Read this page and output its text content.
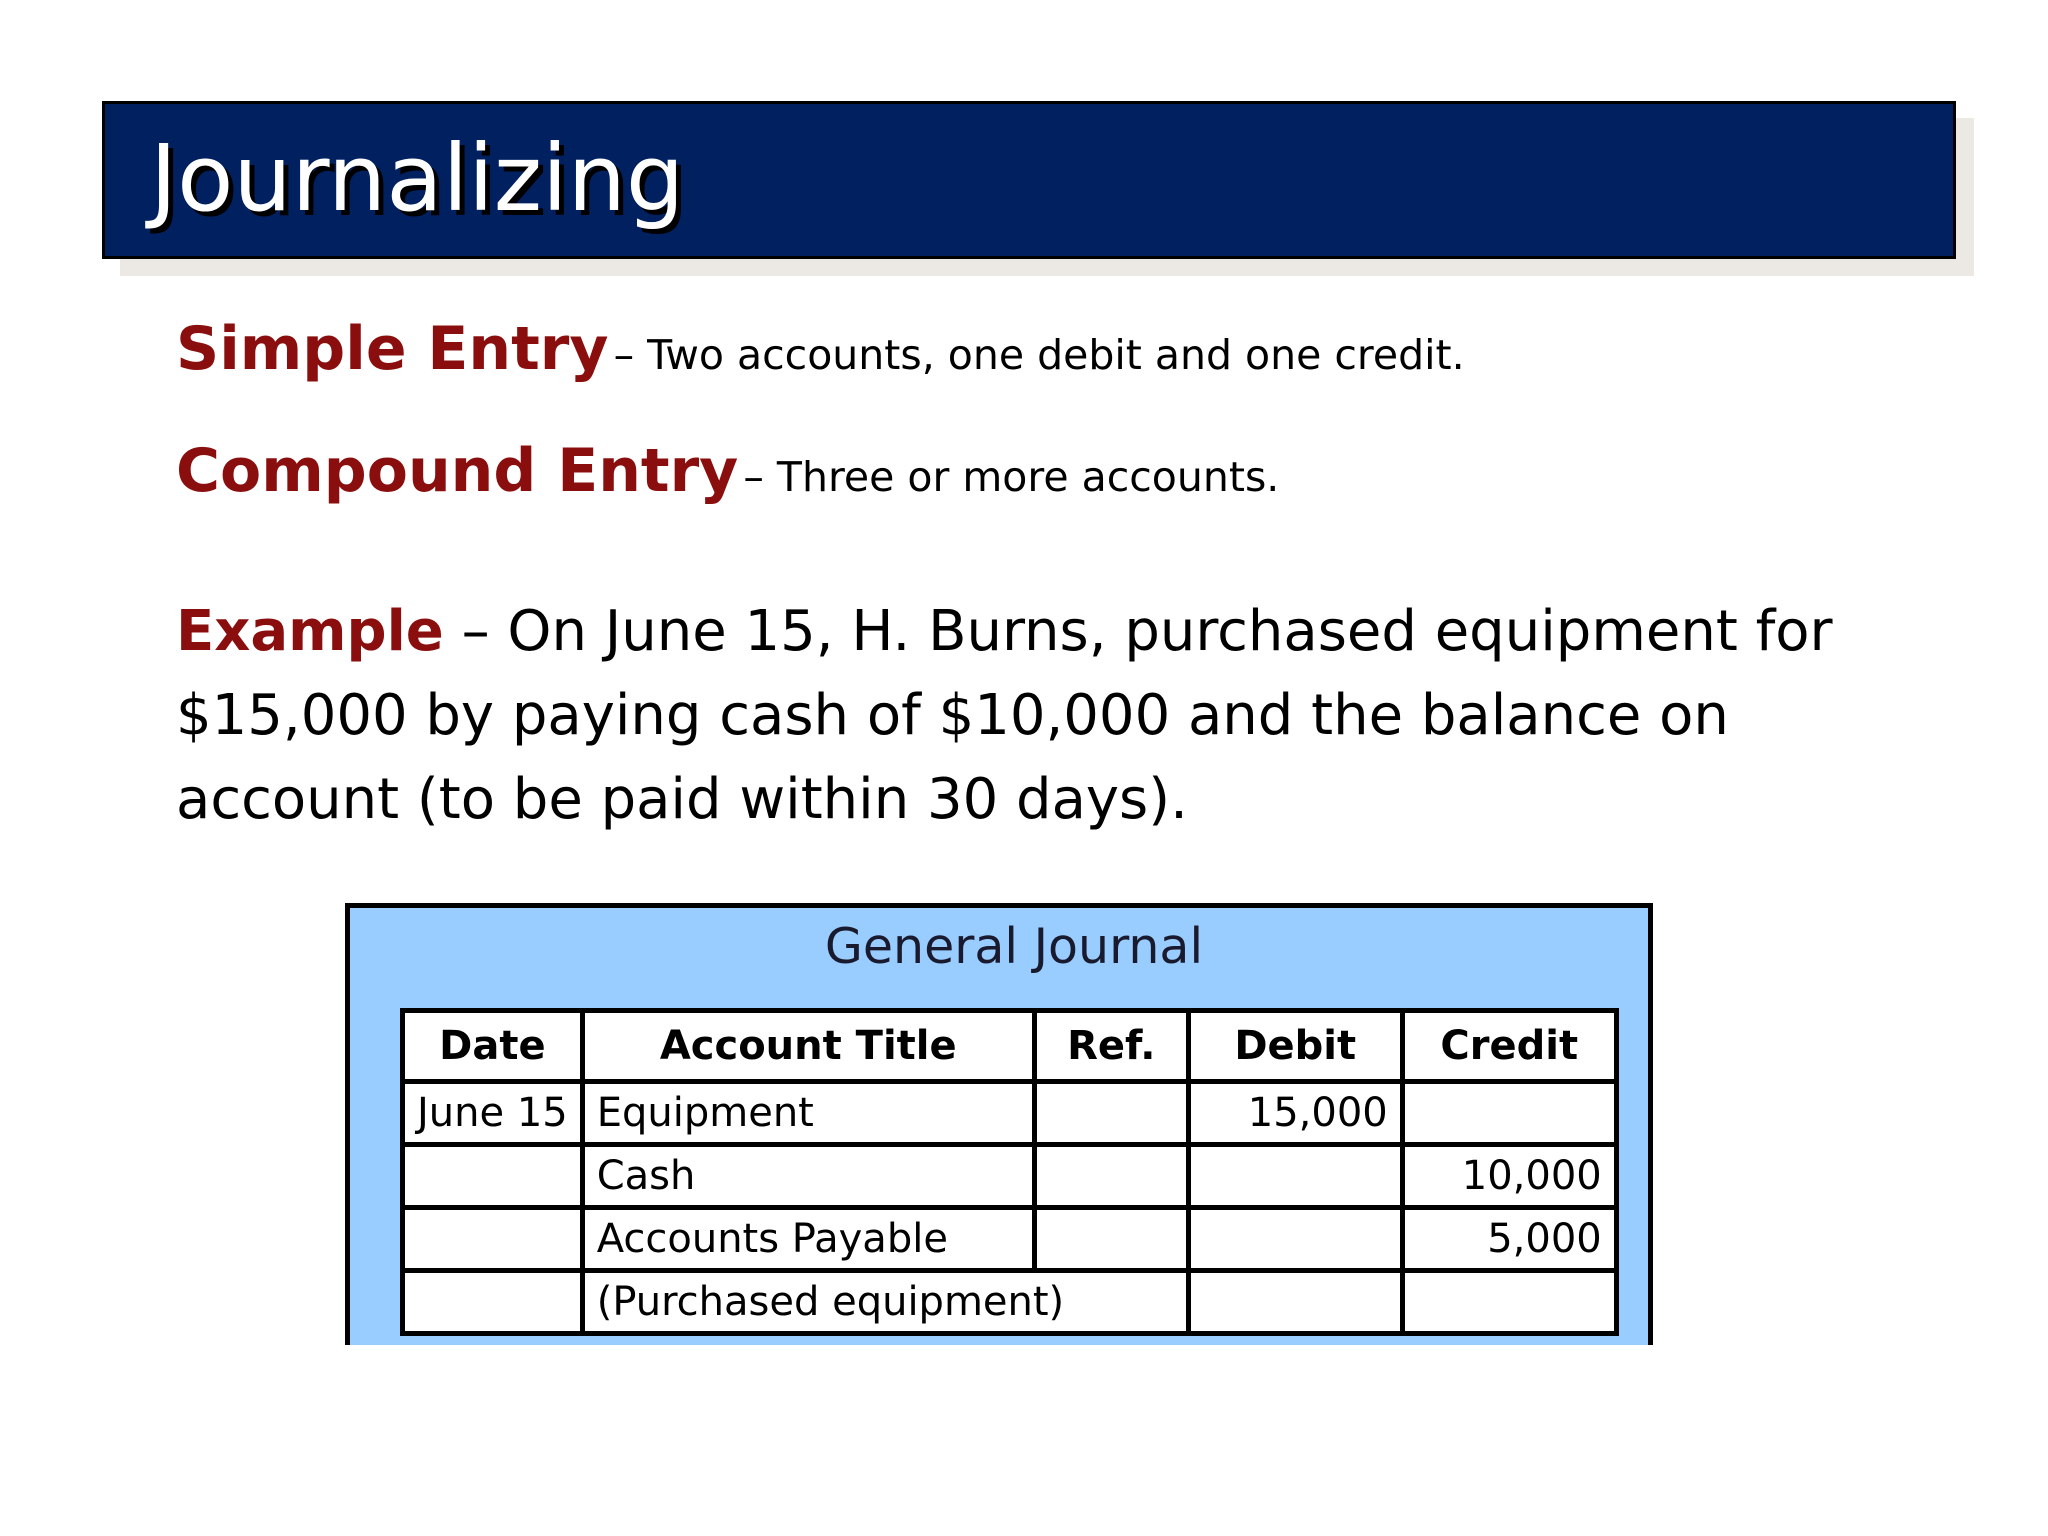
Journalizing
Simple Entry – Two accounts, one debit and one credit.
Compound Entry – Three or more accounts.
Example – On June 15, H. Burns, purchased equipment for $15,000 by paying cash of $10,000 and the balance on account (to be paid within 30 days).
General Journal
Date	Account Title	Ref.	Debit	Credit
June 15	Equipment		15,000	
	Cash			10,000
	Accounts Payable			5,000
	(Purchased equipment)			
